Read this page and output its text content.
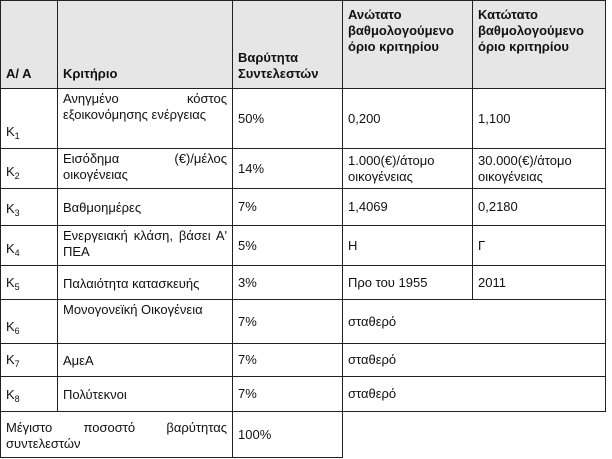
Α/ Α	Κριτήριο	Βαρύτητα Συντελεστών	Ανώτατο βαθμολογούμενο όριο κριτηρίου	Κατώτατο βαθμολογούμενο όριο κριτηρίου
$K_1$	Ανηγμένο κόστος εξοικονόμησης ενέργειας	50%	0,200	1,100
$K_2$	Εισόδημα (€)/μέλος οικογένειας	14%	1.000(€)/άτομο οικογένειας	30.000(€)/άτομο οικογένειας
$K_3$	Βαθμοημέρες	7%	1,4069	0,2180
$K_4$	Ενεργειακή κλάση, βάσει Α' ΠΕΑ	5%	Η	Γ
$K_5$	Παλαιότητα κατασκευής	3%	Προ του 1955	2011
$K_6$	Μονογονεϊκή Οικογένεια	7%	σταθερό	
$K_7$	ΑμεΑ	7%	σταθερό	
$K_8$	Πολύτεκνοι	7%	σταθερό	
Μέγιστο ποσοστό βαρύτητας συντελεστών		100%		
